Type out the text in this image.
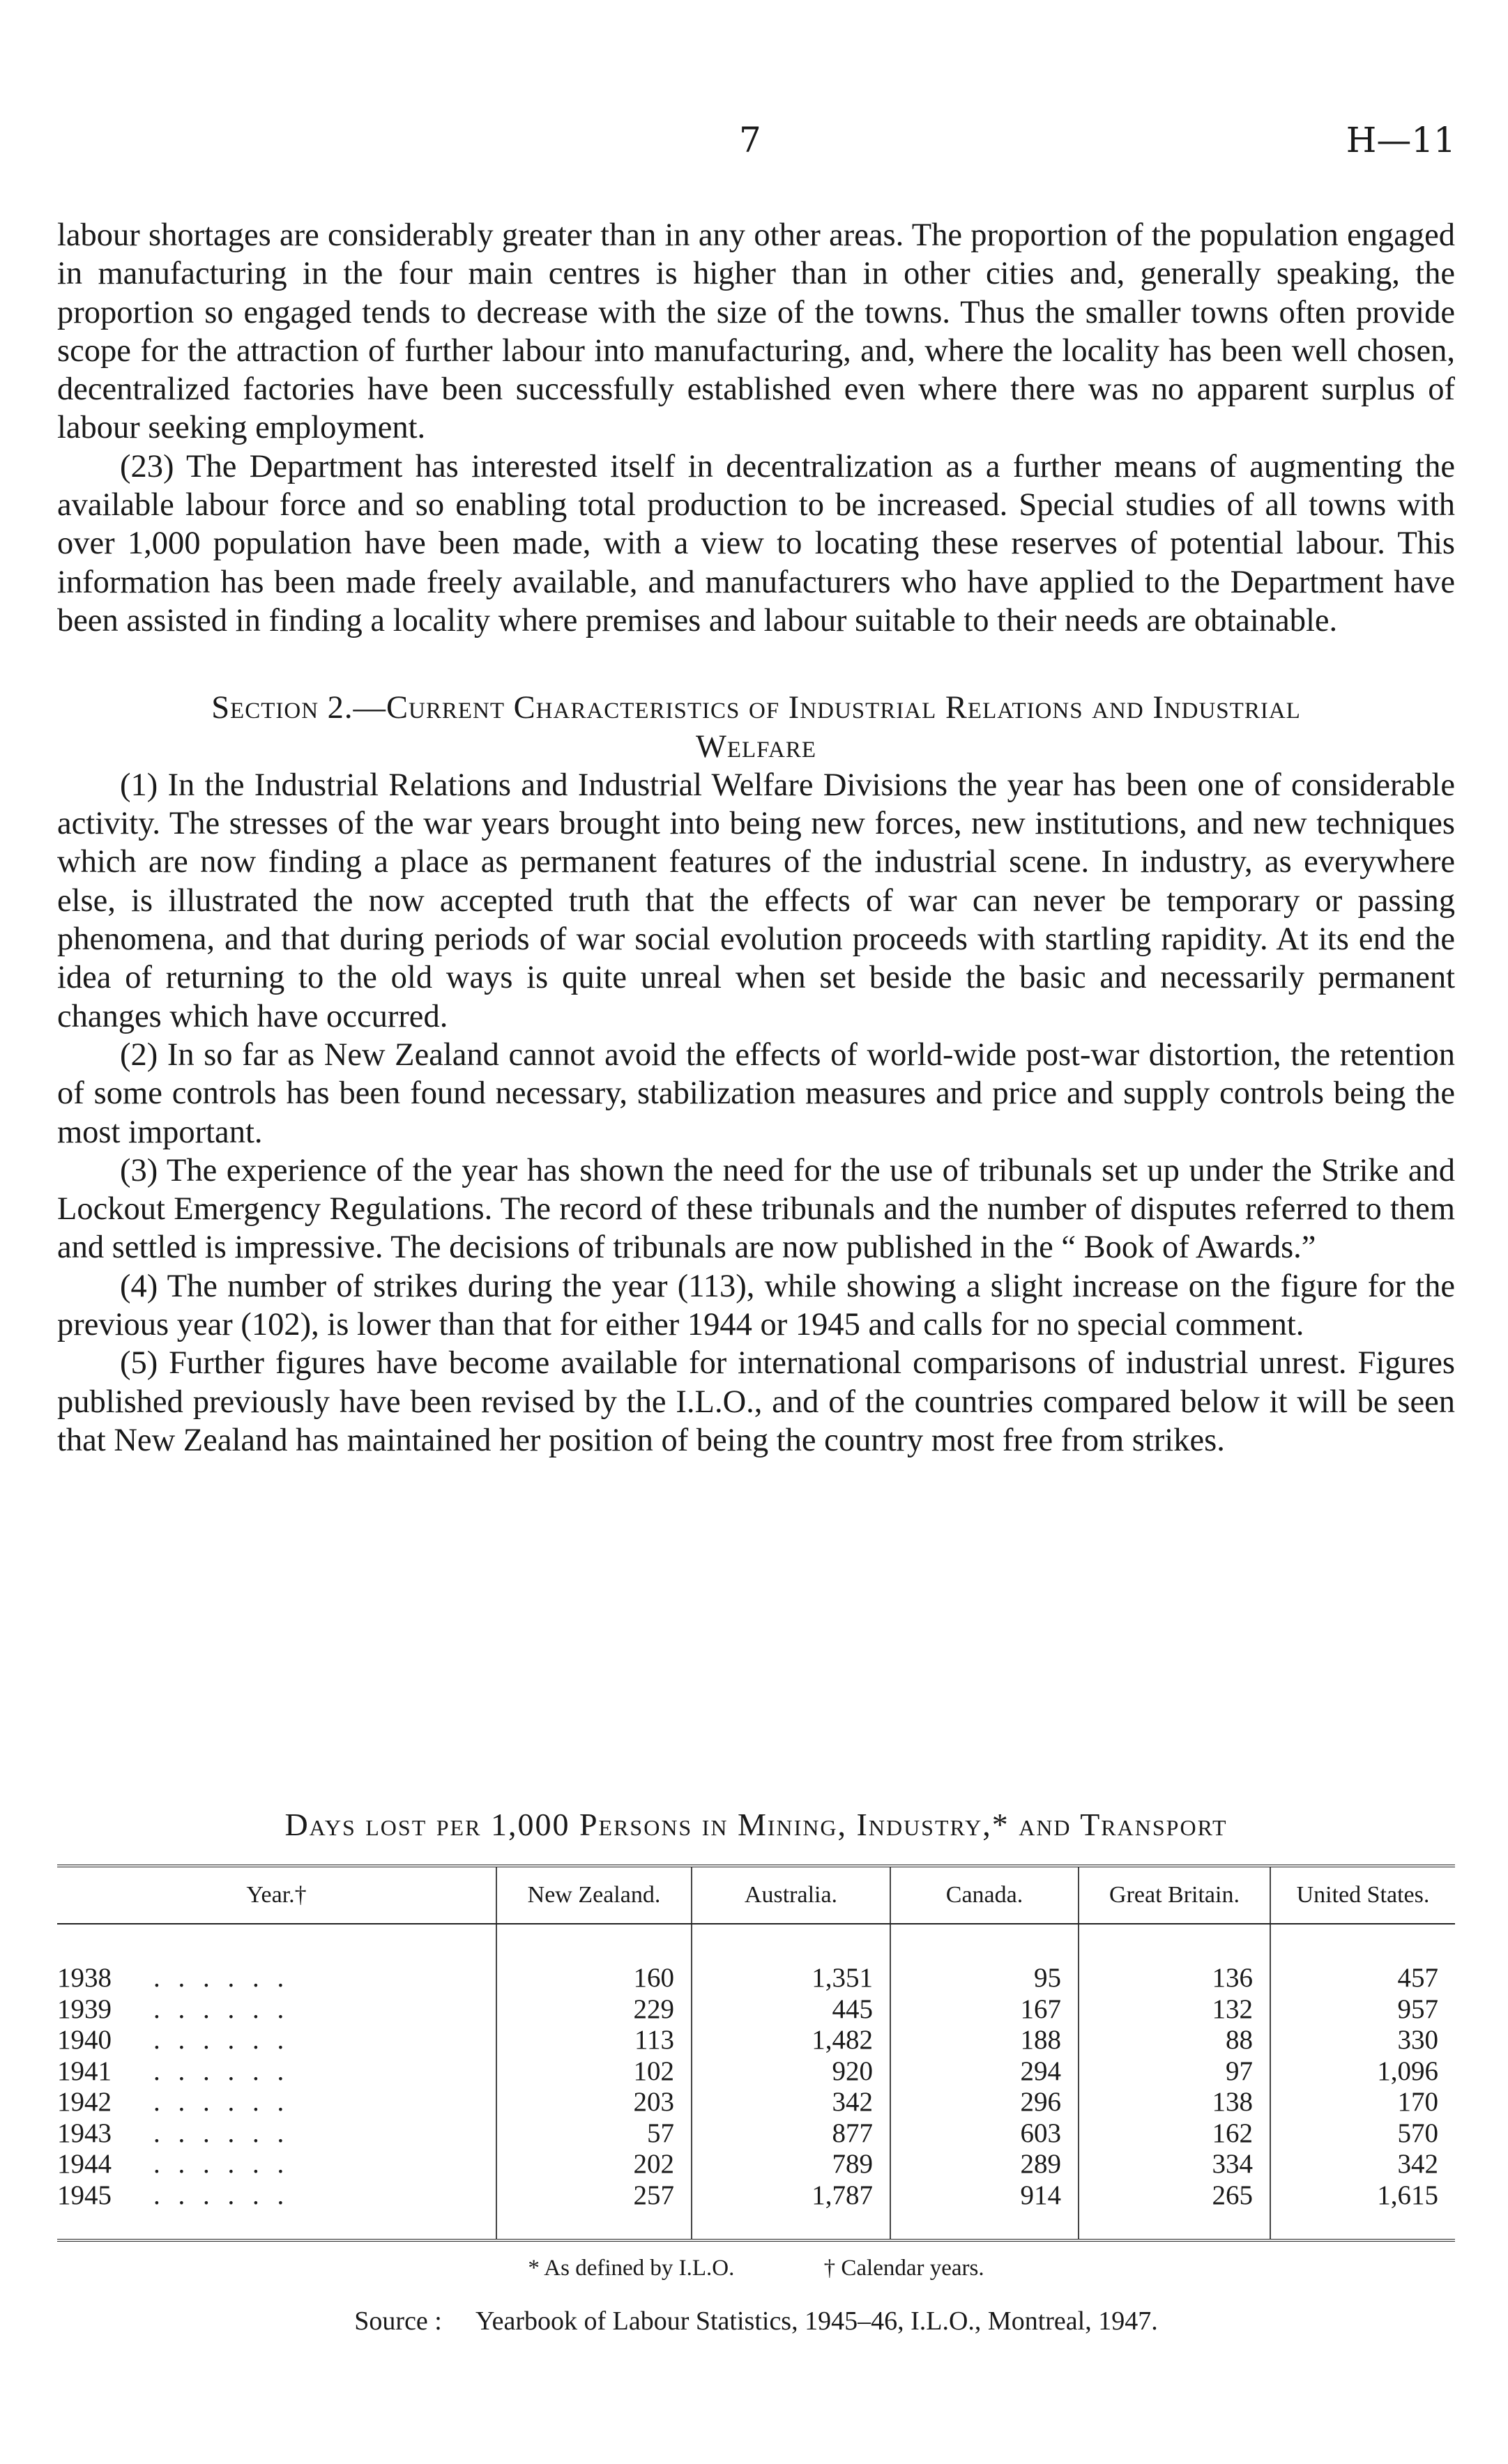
7	H—11

labour shortages are considerably greater than in any other areas. The proportion of the population engaged in manufacturing in the four main centres is higher than in other cities and, generally speaking, the proportion so engaged tends to decrease with the size of the towns. Thus the smaller towns often provide scope for the attraction of further labour into manufacturing, and, where the locality has been well chosen, decentralized factories have been successfully established even where there was no apparent surplus of labour seeking employment.

(23) The Department has interested itself in decentralization as a further means of augmenting the available labour force and so enabling total production to be increased. Special studies of all towns with over 1,000 population have been made, with a view to locating these reserves of potential labour. This information has been made freely available, and manufacturers who have applied to the Department have been assisted in finding a locality where premises and labour suitable to their needs are obtainable.

Section 2.—Current Characteristics of Industrial Relations and Industrial
Welfare

(1) In the Industrial Relations and Industrial Welfare Divisions the year has been one of considerable activity. The stresses of the war years brought into being new forces, new institutions, and new techniques which are now finding a place as permanent features of the industrial scene. In industry, as everywhere else, is illustrated the now accepted truth that the effects of war can never be temporary or passing phenomena, and that during periods of war social evolution proceeds with startling rapidity. At its end the idea of returning to the old ways is quite unreal when set beside the basic and necessarily permanent changes which have occurred.

(2) In so far as New Zealand cannot avoid the effects of world-wide post-war distortion, the retention of some controls has been found necessary, stabilization measures and price and supply controls being the most important.

(3) The experience of the year has shown the need for the use of tribunals set up under the Strike and Lockout Emergency Regulations. The record of these tribunals and the number of disputes referred to them and settled is impressive. The decisions of tribunals are now published in the “ Book of Awards.”

(4) The number of strikes during the year (113), while showing a slight increase on the figure for the previous year (102), is lower than that for either 1944 or 1945 and calls for no special comment.

(5) Further figures have become available for international comparisons of industrial unrest. Figures published previously have been revised by the I.L.O., and of the countries compared below it will be seen that New Zealand has maintained her position of being the country most free from strikes.

Days lost per 1,000 Persons in Mining, Industry,* and Transport

Year.†	New Zealand.	Australia.	Canada.	Great Britain.	United States.
1938 . . . . . .	160	1,351	95	136	457
1939 . . . . . .	229	445	167	132	957
1940 . . . . . .	113	1,482	188	88	330
1941 . . . . . .	102	920	294	97	1,096
1942 . . . . . .	203	342	296	138	170
1943 . . . . . .	57	877	603	162	570
1944 . . . . . .	202	789	289	334	342
1945 . . . . . .	257	1,787	914	265	1,615
* As defined by I.L.O.	† Calendar years.
Source : Yearbook of Labour Statistics, 1945–46, I.L.O., Montreal, 1947.
